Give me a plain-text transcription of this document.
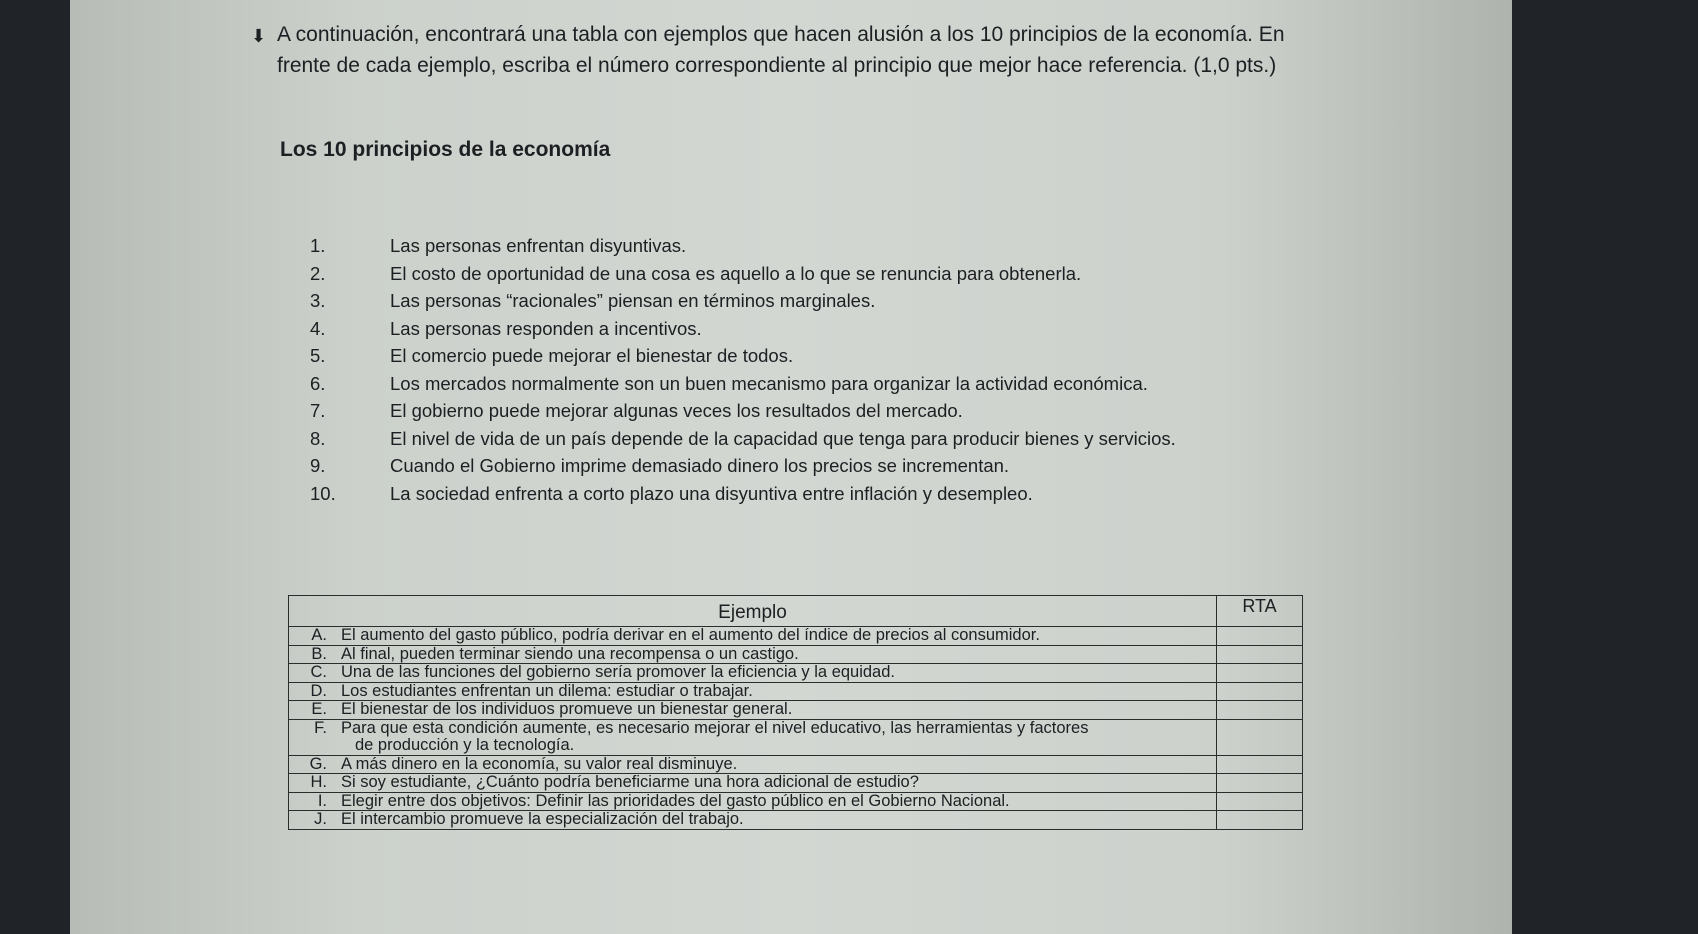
⬇ A continuación, encontrará una tabla con ejemplos que hacen alusión a los 10 principios de la economía. En

frente de cada ejemplo, escriba el número correspondiente al principio que mejor hace referencia. (1,0 pts.)

Los 10 principios de la economía
1.	Las personas enfrentan disyuntivas.
2.	El costo de oportunidad de una cosa es aquello a lo que se renuncia para obtenerla.
3.	Las personas “racionales” piensan en términos marginales.
4.	Las personas responden a incentivos.
5.	El comercio puede mejorar el bienestar de todos.
6.	Los mercados normalmente son un buen mecanismo para organizar la actividad económica.
7.	El gobierno puede mejorar algunas veces los resultados del mercado.
8.	El nivel de vida de un país depende de la capacidad que tenga para producir bienes y servicios.
9.	Cuando el Gobierno imprime demasiado dinero los precios se incrementan.
10.	La sociedad enfrenta a corto plazo una disyuntiva entre inflación y desempleo.
Ejemplo	RTA
A. El aumento del gasto público, podría derivar en el aumento del índice de precios al consumidor.	
B. Al final, pueden terminar siendo una recompensa o un castigo.	
C. Una de las funciones del gobierno sería promover la eficiencia y la equidad.	
D. Los estudiantes enfrentan un dilema: estudiar o trabajar.	
E. El bienestar de los individuos promueve un bienestar general.	
F. Para que esta condición aumente, es necesario mejorar el nivel educativo, las herramientas y factores
de producción y la tecnología.	

G. A más dinero en la economía, su valor real disminuye.	
H. Si soy estudiante, ¿Cuánto podría beneficiarme una hora adicional de estudio?	
I. Elegir entre dos objetivos: Definir las prioridades del gasto público en el Gobierno Nacional.	
J. El intercambio promueve la especialización del trabajo.	
